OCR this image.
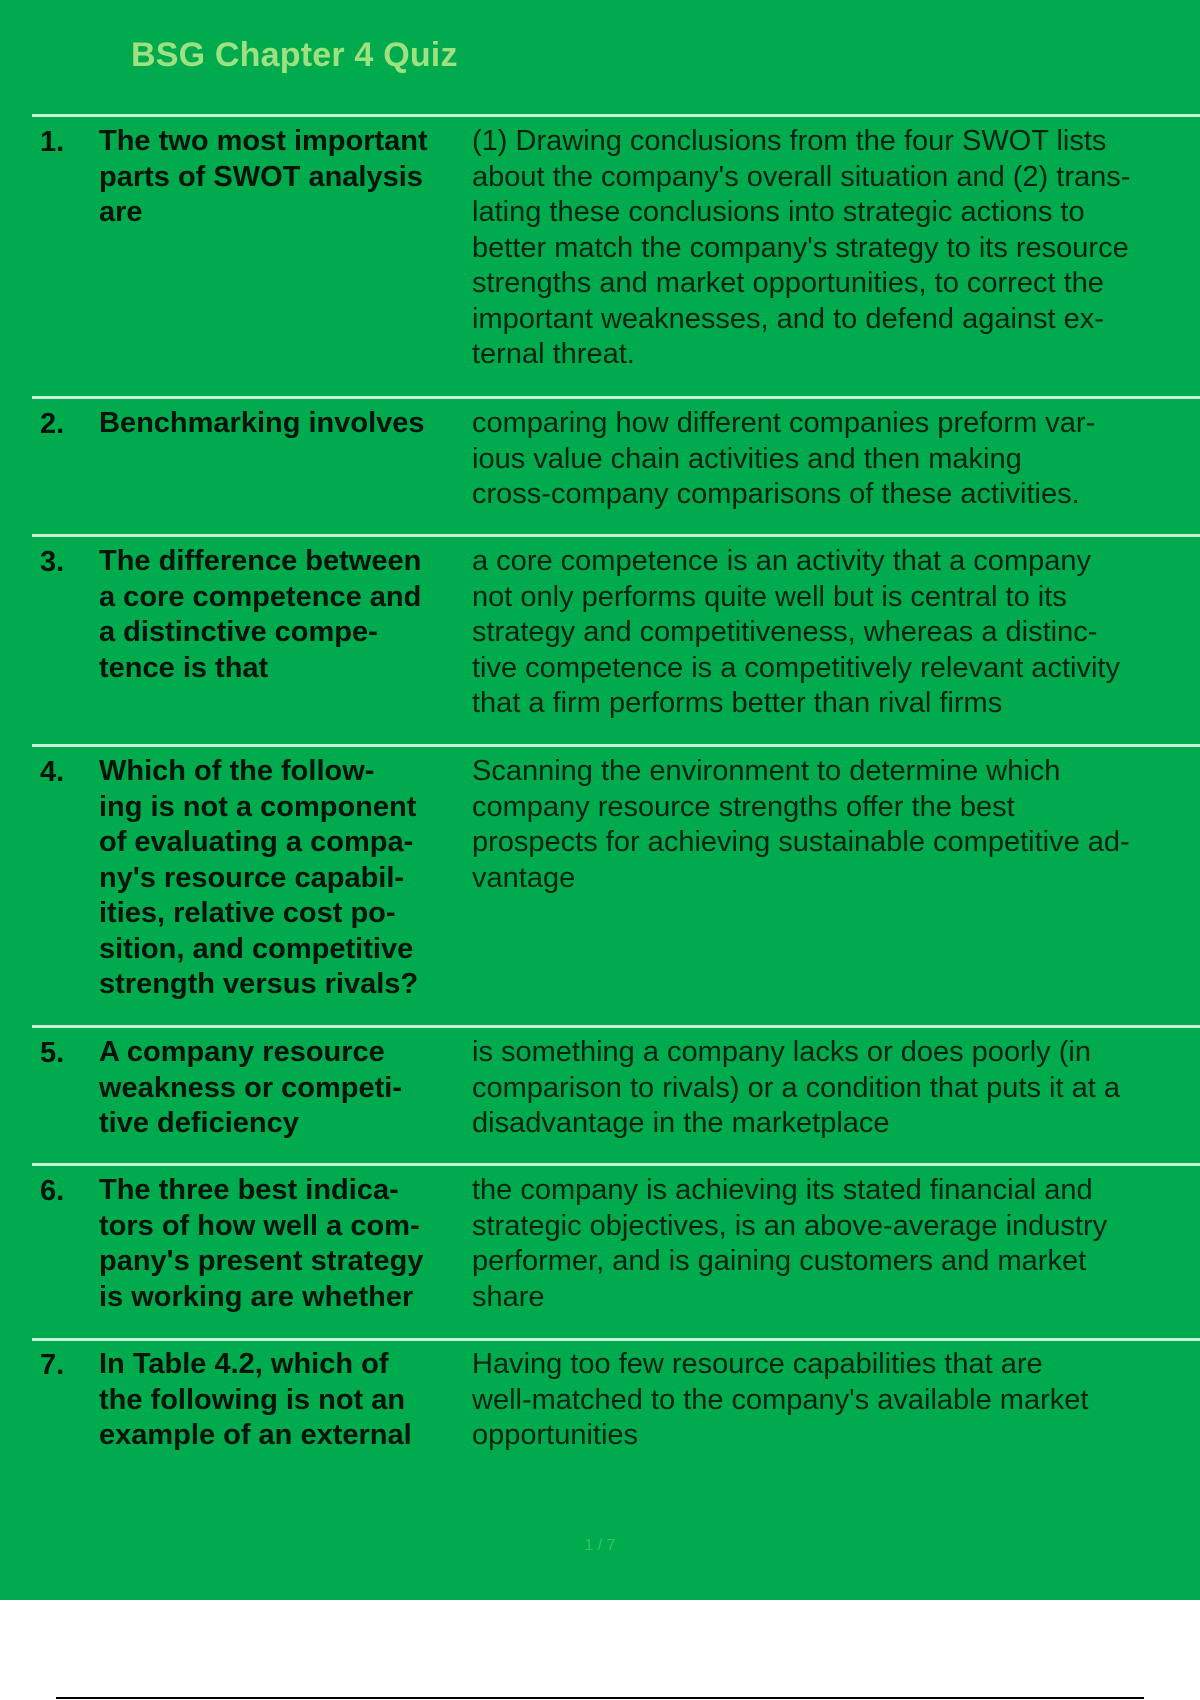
BSG Chapter 4 Quiz
1. The two most important
parts of SWOT analysis
are
(1) Drawing conclusions from the four SWOT lists
about the company's overall situation and (2) trans-
lating these conclusions into strategic actions to
better match the company's strategy to its resource
strengths and market opportunities, to correct the
important weaknesses, and to defend against ex-
ternal threat.
2. Benchmarking involves	comparing how different companies preform var-
ious value chain activities and then making
cross-company comparisons of these activities.
3. The difference between
a core competence and
a distinctive compe-
tence is that
a core competence is an activity that a company
not only performs quite well but is central to its
strategy and competitiveness, whereas a distinc-
tive competence is a competitively relevant activity
that a firm performs better than rival firms
4. Which of the follow-
ing is not a component
of evaluating a compa-
ny's resource capabil-
ities, relative cost po-
sition, and competitive
strength versus rivals?
Scanning the environment to determine which
company resource strengths offer the best
prospects for achieving sustainable competitive ad-
vantage
5. A company resource
weakness or competi-
tive deficiency
is something a company lacks or does poorly (in
comparison to rivals) or a condition that puts it at a
disadvantage in the marketplace
6. The three best indica-
tors of how well a com-
pany's present strategy
is working are whether
the company is achieving its stated financial and
strategic objectives, is an above-average industry
performer, and is gaining customers and market
share
7. In Table 4.2, which of
the following is not an
example of an external
Having too few resource capabilities that are
well-matched to the company's available market
opportunities
1 / 7
